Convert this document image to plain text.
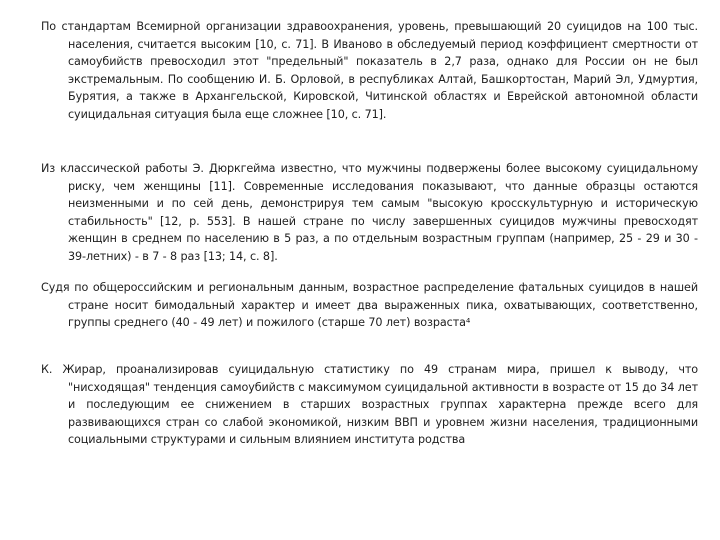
По стандартам Всемирной организации здравоохранения, уровень, превышающий 20 суицидов на 100 тыс. населения, считается высоким [10, с. 71]. В Иваново в обследуемый период коэффициент смертности от самоубийств превосходил этот "предельный" показатель в 2,7 раза, однако для России он не был экстремальным. По сообщению И. Б. Орловой, в республиках Алтай, Башкортостан, Марий Эл, Удмуртия, Бурятия, а также в Архангельской, Кировской, Читинской областях и Еврейской автономной области суицидальная ситуация была еще сложнее [10, с. 71].

Из классической работы Э. Дюркгейма известно, что мужчины подвержены более высокому суицидальному риску, чем женщины [11]. Современные исследования показывают, что данные образцы остаются неизменными и по сей день, демонстрируя тем самым "высокую кросскультурную и историческую стабильность" [12, р. 553]. В нашей стране по числу завершенных суицидов мужчины превосходят женщин в среднем по населению в 5 раз, а по отдельным возрастным группам (например, 25 - 29 и 30 - 39-летних) - в 7 - 8 раз [13; 14, с. 8].

Судя по общероссийским и региональным данным, возрастное распределение фатальных суицидов в нашей стране носит бимодальный характер и имеет два выраженных пика, охватывающих, соответственно, группы среднего (40 - 49 лет) и пожилого (старше 70 лет) возраста⁴

К. Жирар, проанализировав суицидальную статистику по 49 странам мира, пришел к выводу, что "нисходящая" тенденция самоубийств с максимумом суицидальной активности в возрасте от 15 до 34 лет и последующим ее снижением в старших возрастных группах характерна прежде всего для развивающихся стран со слабой экономикой, низким ВВП и уровнем жизни населения, традиционными социальными структурами и сильным влиянием института родства
